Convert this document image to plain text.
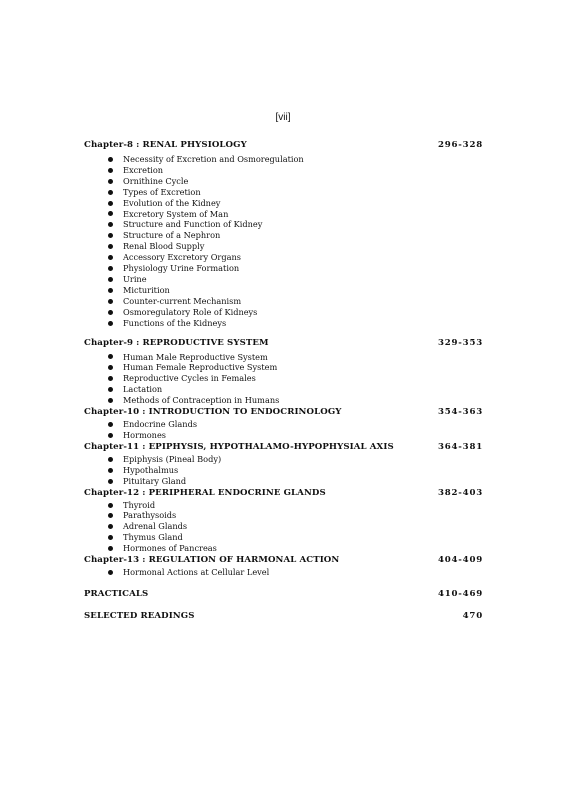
[vii]
Chapter-8 : RENAL PHYSIOLOGY	296-328
Necessity of Excretion and Osmoregulation
Excretion
Ornithine Cycle
Types of Excretion
Evolution of the Kidney
Excretory System of Man
Structure and Function of Kidney
Structure of a Nephron
Renal Blood Supply
Accessory Excretory Organs
Physiology Urine Formation
Urine
Micturition
Counter-current Mechanism
Osmoregulatory Role of Kidneys
Functions of the Kidneys
Chapter-9 : REPRODUCTIVE SYSTEM	329-353
Human Male Reproductive System
Human Female Reproductive System
Reproductive Cycles in Females
Lactation
Methods of Contraception in Humans
Chapter-10 : INTRODUCTION TO ENDOCRINOLOGY	354-363
Endocrine Glands
Hormones
Chapter-11 : EPIPHYSIS, HYPOTHALAMO-HYPOPHYSIAL AXIS	364-381
Epiphysis (Pineal Body)
Hypothalmus
Pituitary Gland
Chapter-12 : PERIPHERAL ENDOCRINE GLANDS	382-403
Thyroid
Parathysoids
Adrenal Glands
Thymus Gland
Hormones of Pancreas
Chapter-13 : REGULATION OF HARMONAL ACTION	404-409
Hormonal Actions at Cellular Level
PRACTICALS	410-469
SELECTED READINGS	470
